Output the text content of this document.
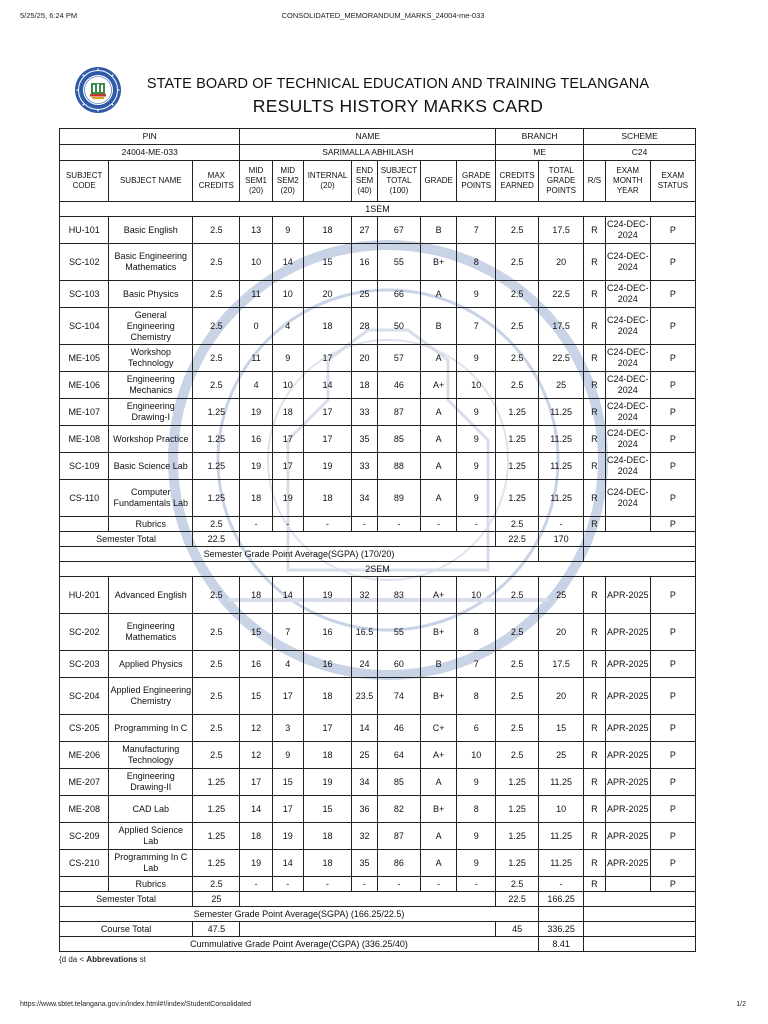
5/25/25, 6:24 PM	CONSOLIDATED_MEMORANDUM_MARKS_24004-me-033
STATE BOARD OF TECHNICAL EDUCATION AND TRAINING TELANGANA
RESULTS HISTORY MARKS CARD
PIN			NAME							BRANCH		SCHEME		
24004-ME-033			SARIMALLA ABHILASH							ME		C24		
SUBJECT CODE	SUBJECT NAME	MAX CREDITS	MID SEM1 (20)	MID SEM2 (20)	INTERNAL (20)	END SEM (40)	SUBJECT TOTAL (100)	GRADE	GRADE POINTS	CREDITS EARNED	TOTAL GRADE POINTS	R/S	EXAM MONTH YEAR	EXAM STATUS
1SEM														
HU-101	Basic English	2.5	13	9	18	27	67	B	7	2.5	17.5	R	C24-DEC-2024	P
SC-102	Basic Engineering Mathematics	2.5	10	14	15	16	55	B+	8	2.5	20	R	C24-DEC-2024	P
SC-103	Basic Physics	2.5	11	10	20	25	66	A	9	2.5	22.5	R	C24-DEC-2024	P
SC-104	General Engineering Chemistry	2.5	0	4	18	28	50	B	7	2.5	17.5	R	C24-DEC-2024	P
ME-105	Workshop Technology	2.5	11	9	17	20	57	A	9	2.5	22.5	R	C24-DEC-2024	P
ME-106	Engineering Mechanics	2.5	4	10	14	18	46	A+	10	2.5	25	R	C24-DEC-2024	P
ME-107	Engineering Drawing-I	1.25	19	18	17	33	87	A	9	1.25	11.25	R	C24-DEC-2024	P
ME-108	Workshop Practice	1.25	16	17	17	35	85	A	9	1.25	11.25	R	C24-DEC-2024	P
SC-109	Basic Science Lab	1.25	19	17	19	33	88	A	9	1.25	11.25	R	C24-DEC-2024	P
CS-110	Computer Fundamentals Lab	1.25	18	19	18	34	89	A	9	1.25	11.25	R	C24-DEC-2024	P
	Rubrics	2.5	-	-	-	-	-	-	-	2.5	-	R		P
Semester Total		22.5								22.5	170			
Semester Grade Point Average(SGPA) (170/20)														
2SEM														
HU-201	Advanced English	2.5	18	14	19	32	83	A+	10	2.5	25	R	APR-2025	P
SC-202	Engineering Mathematics	2.5	15	7	16	16.5	55	B+	8	2.5	20	R	APR-2025	P
SC-203	Applied Physics	2.5	16	4	16	24	60	B	7	2.5	17.5	R	APR-2025	P
SC-204	Applied Engineering Chemistry	2.5	15	17	18	23.5	74	B+	8	2.5	20	R	APR-2025	P
CS-205	Programming In C	2.5	12	3	17	14	46	C+	6	2.5	15	R	APR-2025	P
ME-206	Manufacturing Technology	2.5	12	9	18	25	64	A+	10	2.5	25	R	APR-2025	P
ME-207	Engineering Drawing-II	1.25	17	15	19	34	85	A	9	1.25	11.25	R	APR-2025	P
ME-208	CAD Lab	1.25	14	17	15	36	82	B+	8	1.25	10	R	APR-2025	P
SC-209	Applied Science Lab	1.25	18	19	18	32	87	A	9	1.25	11.25	R	APR-2025	P
CS-210	Programming In C Lab	1.25	19	14	18	35	86	A	9	1.25	11.25	R	APR-2025	P
	Rubrics	2.5	-	-	-	-	-	-	-	2.5	-	R		P
Semester Total		25								22.5	166.25			
Semester Grade Point Average(SGPA) (166.25/22.5)														
Course Total		47.5								45	336.25			
Cummulative Grade Point Average(CGPA) (336.25/40)											8.41			
{d da < Abbrevations st
https://www.sbtet.telangana.gov.in/index.html#!/index/StudentConsolidated	1/2
